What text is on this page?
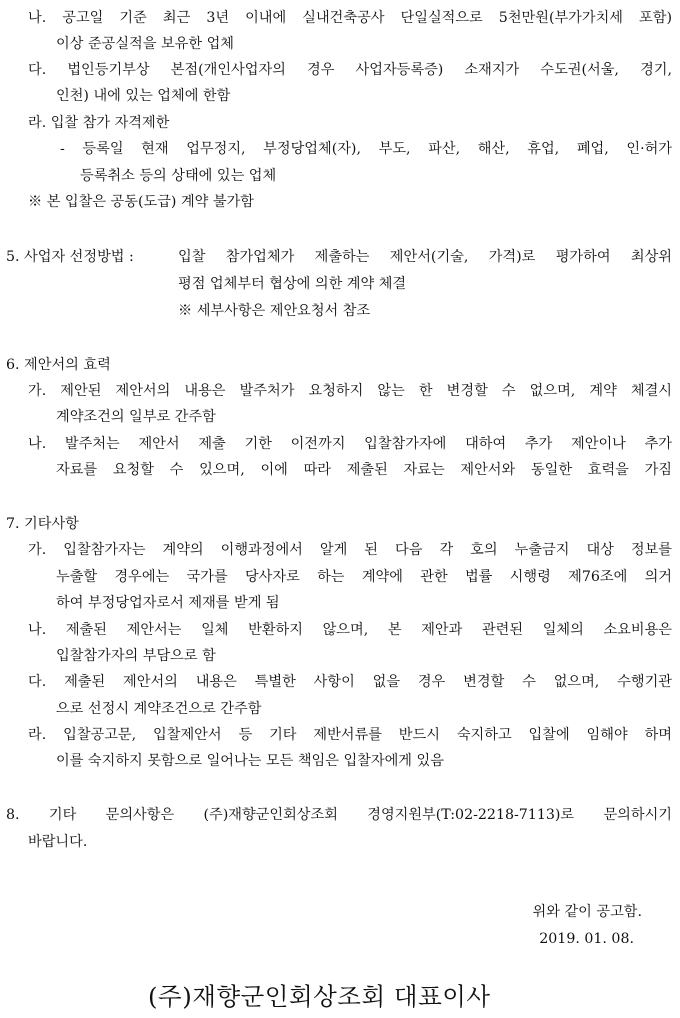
나. 공고일 기준 최근 3년 이내에 실내건축공사 단일실적으로 5천만원(부가가치세 포함)
이상 준공실적을 보유한 업체
다. 법인등기부상 본점(개인사업자의 경우 사업자등록증) 소재지가 수도권(서울, 경기,
인천) 내에 있는 업체에 한함
라. 입찰 참가 자격제한
- 등록일 현재 업무정지, 부정당업체(자), 부도, 파산, 해산, 휴업, 폐업, 인·허가
등록취소 등의 상태에 있는 업체
※ 본 입찰은 공동(도급) 계약 불가함
5. 사업자 선정방법 :	입찰 참가업체가 제출하는 제안서(기술, 가격)로 평가하여 최상위
평점 업체부터 협상에 의한 계약 체결
※ 세부사항은 제안요청서 참조
6. 제안서의 효력
가. 제안된 제안서의 내용은 발주처가 요청하지 않는 한 변경할 수 없으며, 계약 체결시
계약조건의 일부로 간주함
나. 발주처는 제안서 제출 기한 이전까지 입찰참가자에 대하여 추가 제안이나 추가
자료를 요청할 수 있으며, 이에 따라 제출된 자료는 제안서와 동일한 효력을 가짐
7. 기타사항
가. 입찰참가자는 계약의 이행과정에서 알게 된 다음 각 호의 누출금지 대상 정보를
누출할 경우에는 국가를 당사자로 하는 계약에 관한 법률 시행령 제76조에 의거
하여 부정당업자로서 제재를 받게 됨
나. 제출된 제안서는 일체 반환하지 않으며, 본 제안과 관련된 일체의 소요비용은
입찰참가자의 부담으로 함
다. 제출된 제안서의 내용은 특별한 사항이 없을 경우 변경할 수 없으며, 수행기관
으로 선정시 계약조건으로 간주함
라. 입찰공고문, 입찰제안서 등 기타 제반서류를 반드시 숙지하고 입찰에 임해야 하며
이를 숙지하지 못함으로 일어나는 모든 책임은 입찰자에게 있음
8. 기타 문의사항은 (주)재향군인회상조회 경영지원부(T:02-2218-7113)로 문의하시기
바랍니다.
위와 같이 공고함.
2019. 01. 08.
(주)재향군인회상조회 대표이사
